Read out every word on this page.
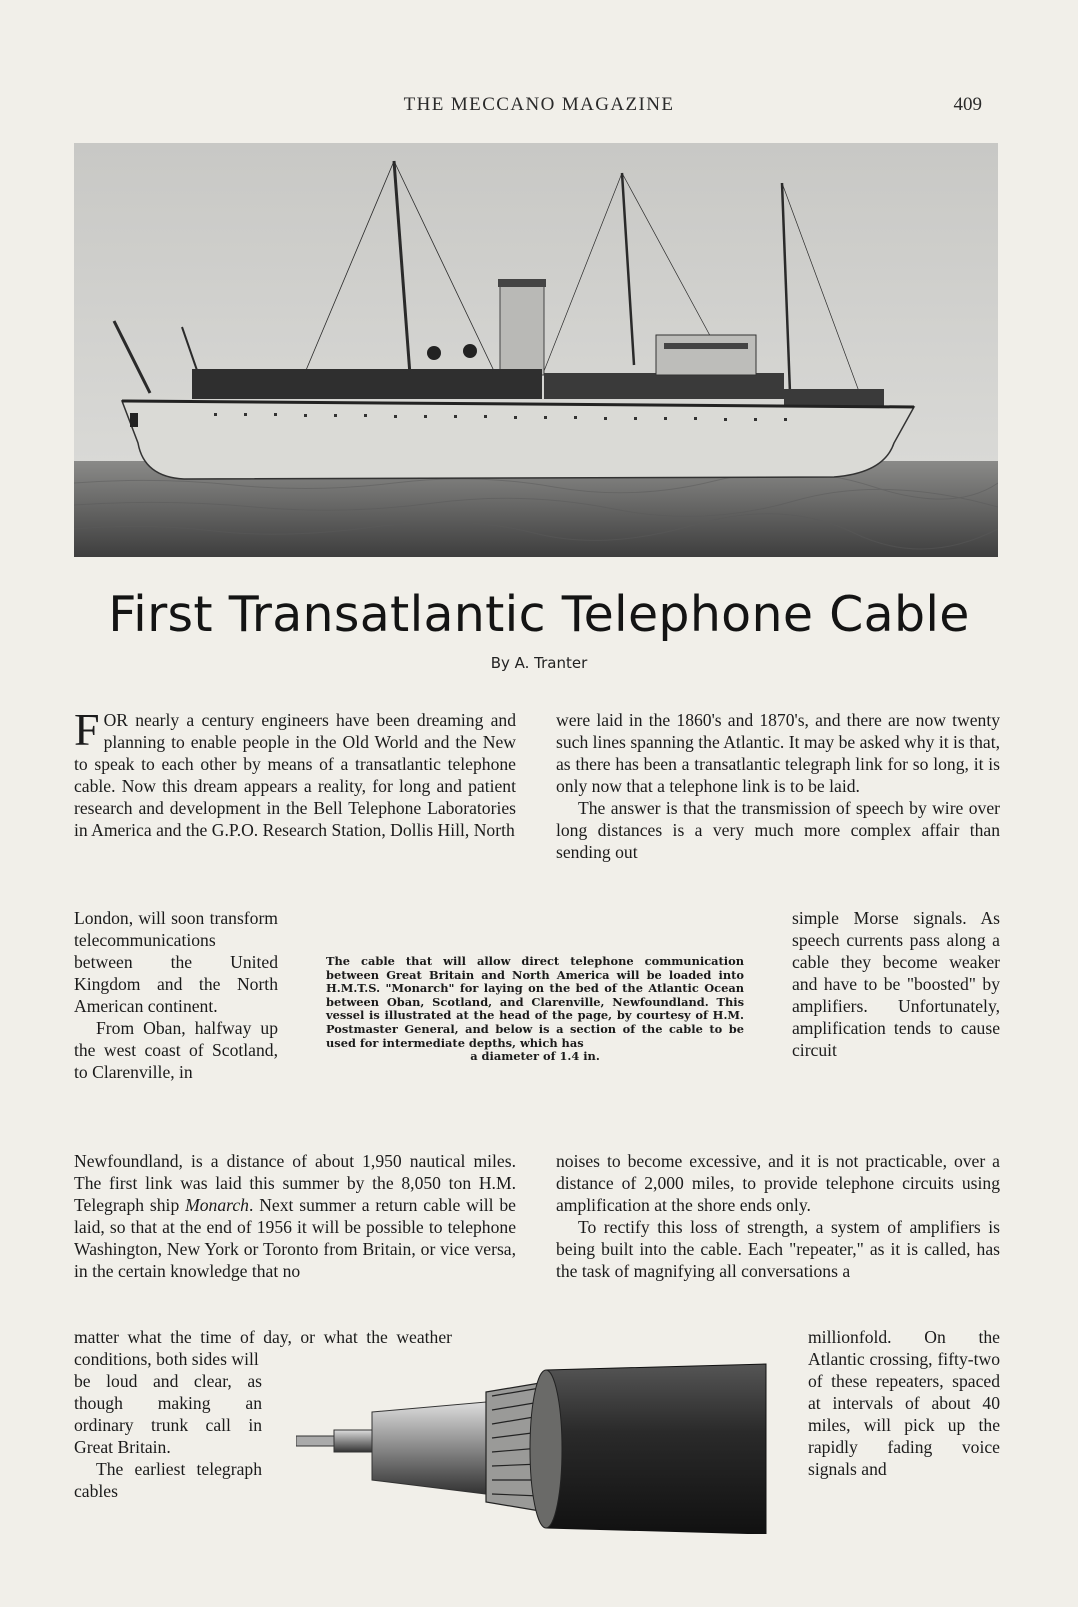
THE MECCANO MAGAZINE	409
First Transatlantic Telephone Cable
By A. Tranter

FOR nearly a century engineers have been dreaming and planning to enable people in the Old World and the New to speak to each other by means of a transatlantic telephone cable. Now this dream appears a reality, for long and patient research and development in the Bell Telephone Laboratories in America and the G.P.O. Research Station, Dollis Hill, North

London, will soon transform telecommunications between the United Kingdom and the North American continent.

From Oban, halfway up the west coast of Scotland, to Clarenville, in

Newfoundland, is a distance of about 1,950 nautical miles. The first link was laid this summer by the 8,050 ton H.M. Telegraph ship Monarch. Next summer a return cable will be laid, so that at the end of 1956 it will be possible to telephone Washington, New York or Toronto from Britain, or vice versa, in the certain knowledge that no

matter what the time of day, or what the weather conditions, both sides will

be loud and clear, as though making an ordinary trunk call in Great Britain.

The earliest telegraph cables

were laid in the 1860's and 1870's, and there are now twenty such lines spanning the Atlantic. It may be asked why it is that, as there has been a transatlantic telegraph link for so long, it is only now that a telephone link is to be laid.

The answer is that the transmission of speech by wire over long distances is a very much more complex affair than sending out

simple Morse signals. As speech currents pass along a cable they become weaker and have to be "boosted" by amplifiers. Unfortunately, amplification tends to cause circuit

noises to become excessive, and it is not practicable, over a distance of 2,000 miles, to provide telephone circuits using amplification at the shore ends only.

To rectify this loss of strength, a system of amplifiers is being built into the cable. Each "repeater," as it is called, has the task of magnifying all conversations a

millionfold. On the Atlantic crossing, fifty-two of these repeaters, spaced at intervals of about 40 miles, will pick up the rapidly fading voice signals and

The cable that will allow direct telephone communication between Great Britain and North America will be loaded into H.M.T.S. "Monarch" for laying on the bed of the Atlantic Ocean between Oban, Scotland, and Clarenville, Newfoundland. This vessel is illustrated at the head of the page, by courtesy of H.M. Postmaster General, and below is a section of the cable to be used for intermediate depths, which has
a diameter of 1.4 in.
